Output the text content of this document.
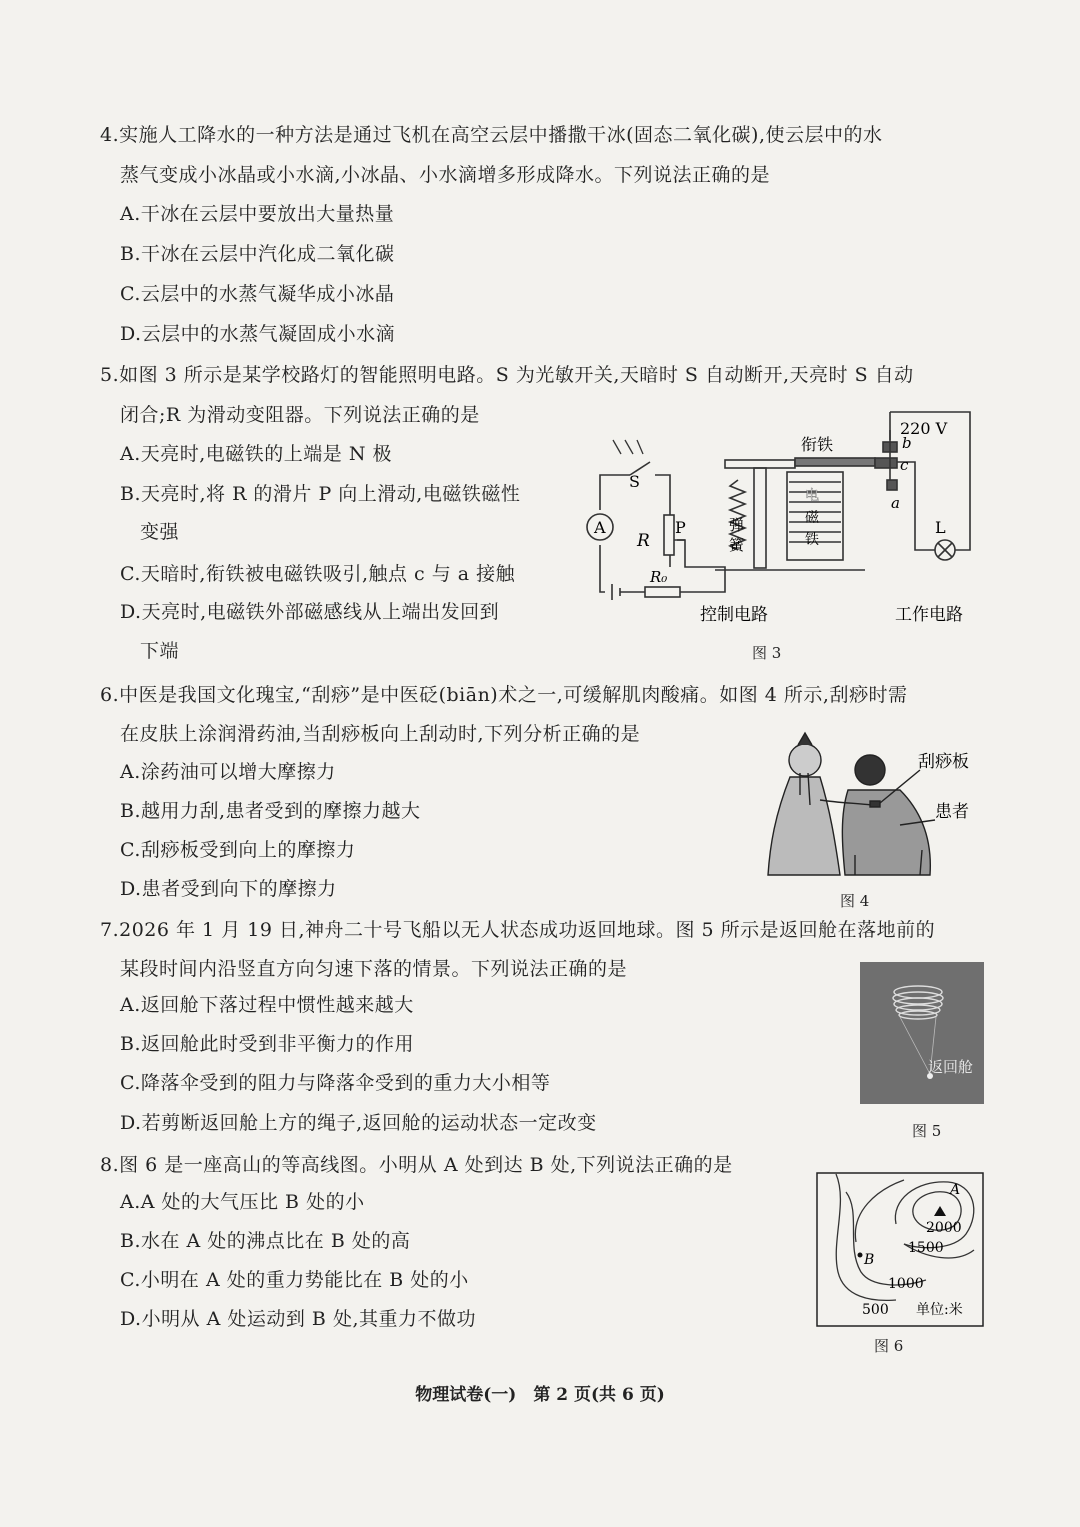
4.实施人工降水的一种方法是通过飞机在高空云层中播撒干冰(固态二氧化碳),使云层中的水
蒸气变成小冰晶或小水滴,小冰晶、小水滴增多形成降水。下列说法正确的是
A.干冰在云层中要放出大量热量
B.干冰在云层中汽化成二氧化碳
C.云层中的水蒸气凝华成小冰晶
D.云层中的水蒸气凝固成小水滴
5.如图 3 所示是某学校路灯的智能照明电路。S 为光敏开关,天暗时 S 自动断开,天亮时 S 自动
闭合;R 为滑动变阻器。下列说法正确的是
A.天亮时,电磁铁的上端是 N 极
B.天亮时,将 R 的滑片 P 向上滑动,电磁铁磁性
变强
C.天暗时,衔铁被电磁铁吸引,触点 c 与 a 接触
D.天亮时,电磁铁外部磁感线从上端出发回到
下端
A
S
R
P
R₀
弹
簧
电
磁
铁
衔铁
220 V
b
c
a
L
控制电路	工作电路
图 3
6.中医是我国文化瑰宝,“刮痧”是中医砭(biān)术之一,可缓解肌肉酸痛。如图 4 所示,刮痧时需
在皮肤上涂润滑药油,当刮痧板向上刮动时,下列分析正确的是
A.涂药油可以增大摩擦力
B.越用力刮,患者受到的摩擦力越大
C.刮痧板受到向上的摩擦力
D.患者受到向下的摩擦力
刮痧板
患者
图 4
7.2026 年 1 月 19 日,神舟二十号飞船以无人状态成功返回地球。图 5 所示是返回舱在落地前的
某段时间内沿竖直方向匀速下落的情景。下列说法正确的是
A.返回舱下落过程中惯性越来越大
B.返回舱此时受到非平衡力的作用
C.降落伞受到的阻力与降落伞受到的重力大小相等
D.若剪断返回舱上方的绳子,返回舱的运动状态一定改变
返回舱
图 5
8.图 6 是一座高山的等高线图。小明从 A 处到达 B 处,下列说法正确的是
A.A 处的大气压比 B 处的小
B.水在 A 处的沸点比在 B 处的高
C.小明在 A 处的重力势能比在 B 处的小
D.小明从 A 处运动到 B 处,其重力不做功
A
B
2000
1500
1000
500 单位:米
图 6
物理试卷(一)　第 2 页(共 6 页)
